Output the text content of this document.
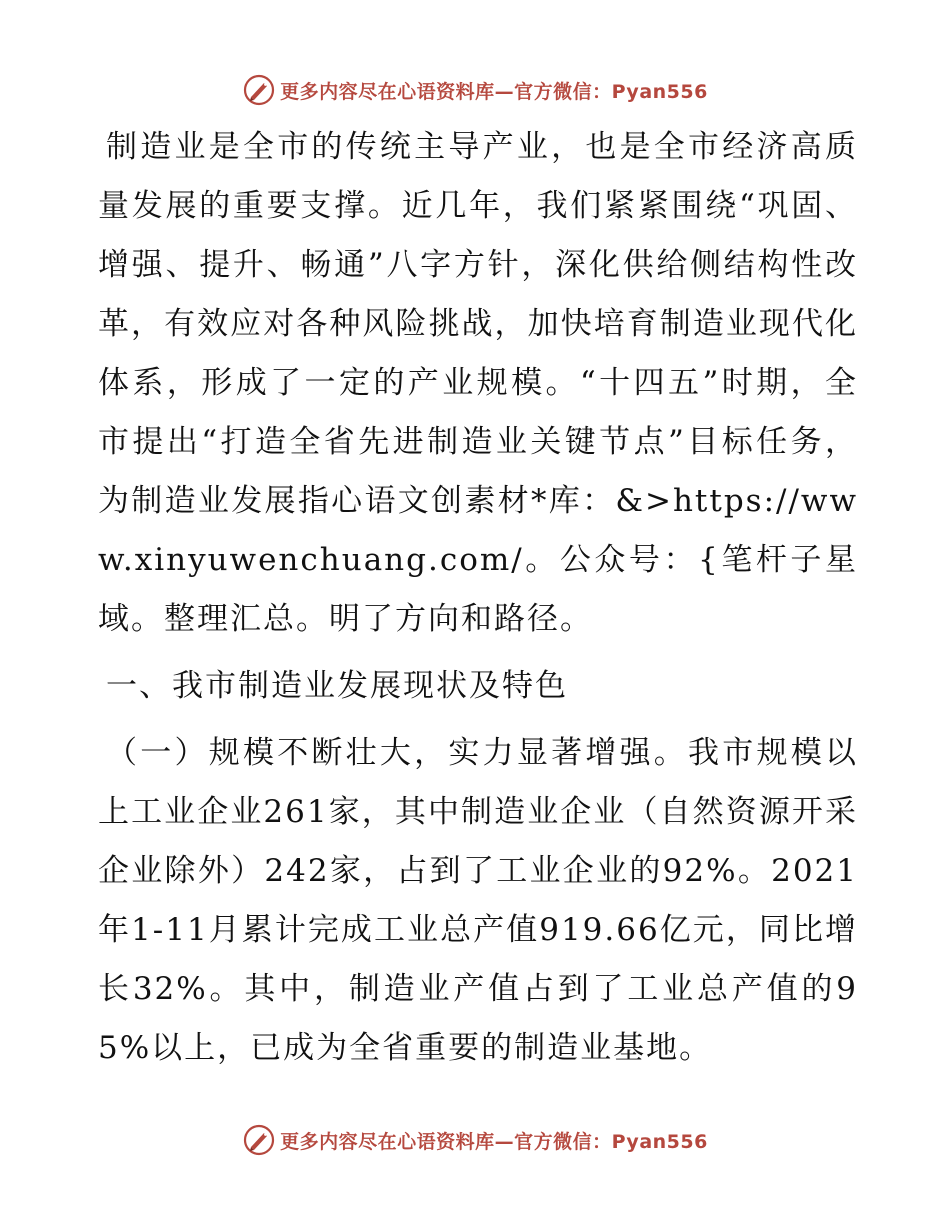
更多内容尽在心语资料库—官方微信：Pyan556

制造业是全市的传统主导产业，也是全市经济高质量发展的重要支撑。近几年，我们紧紧围绕“巩固、增强、提升、畅通”八字方针，深化供给侧结构性改革，有效应对各种风险挑战，加快培育制造业现代化体系，形成了一定的产业规模。“十四五”时期，全市提出“打造全省先进制造业关键节点”目标任务，为制造业发展指心语文创素材*库：&>https://www.xinyuwenchuang.com/。公众号：{笔杆子星域。整理汇总。明了方向和路径。

一、我市制造业发展现状及特色

（一）规模不断壮大，实力显著增强。我市规模以上工业企业261家，其中制造业企业（自然资源开采企业除外）242家，占到了工业企业的92%。2021年1-11月累计完成工业总产值919.66亿元，同比增长32%。其中，制造业产值占到了工业总产值的95%以上，已成为全省重要的制造业基地。

更多内容尽在心语资料库—官方微信：Pyan556
